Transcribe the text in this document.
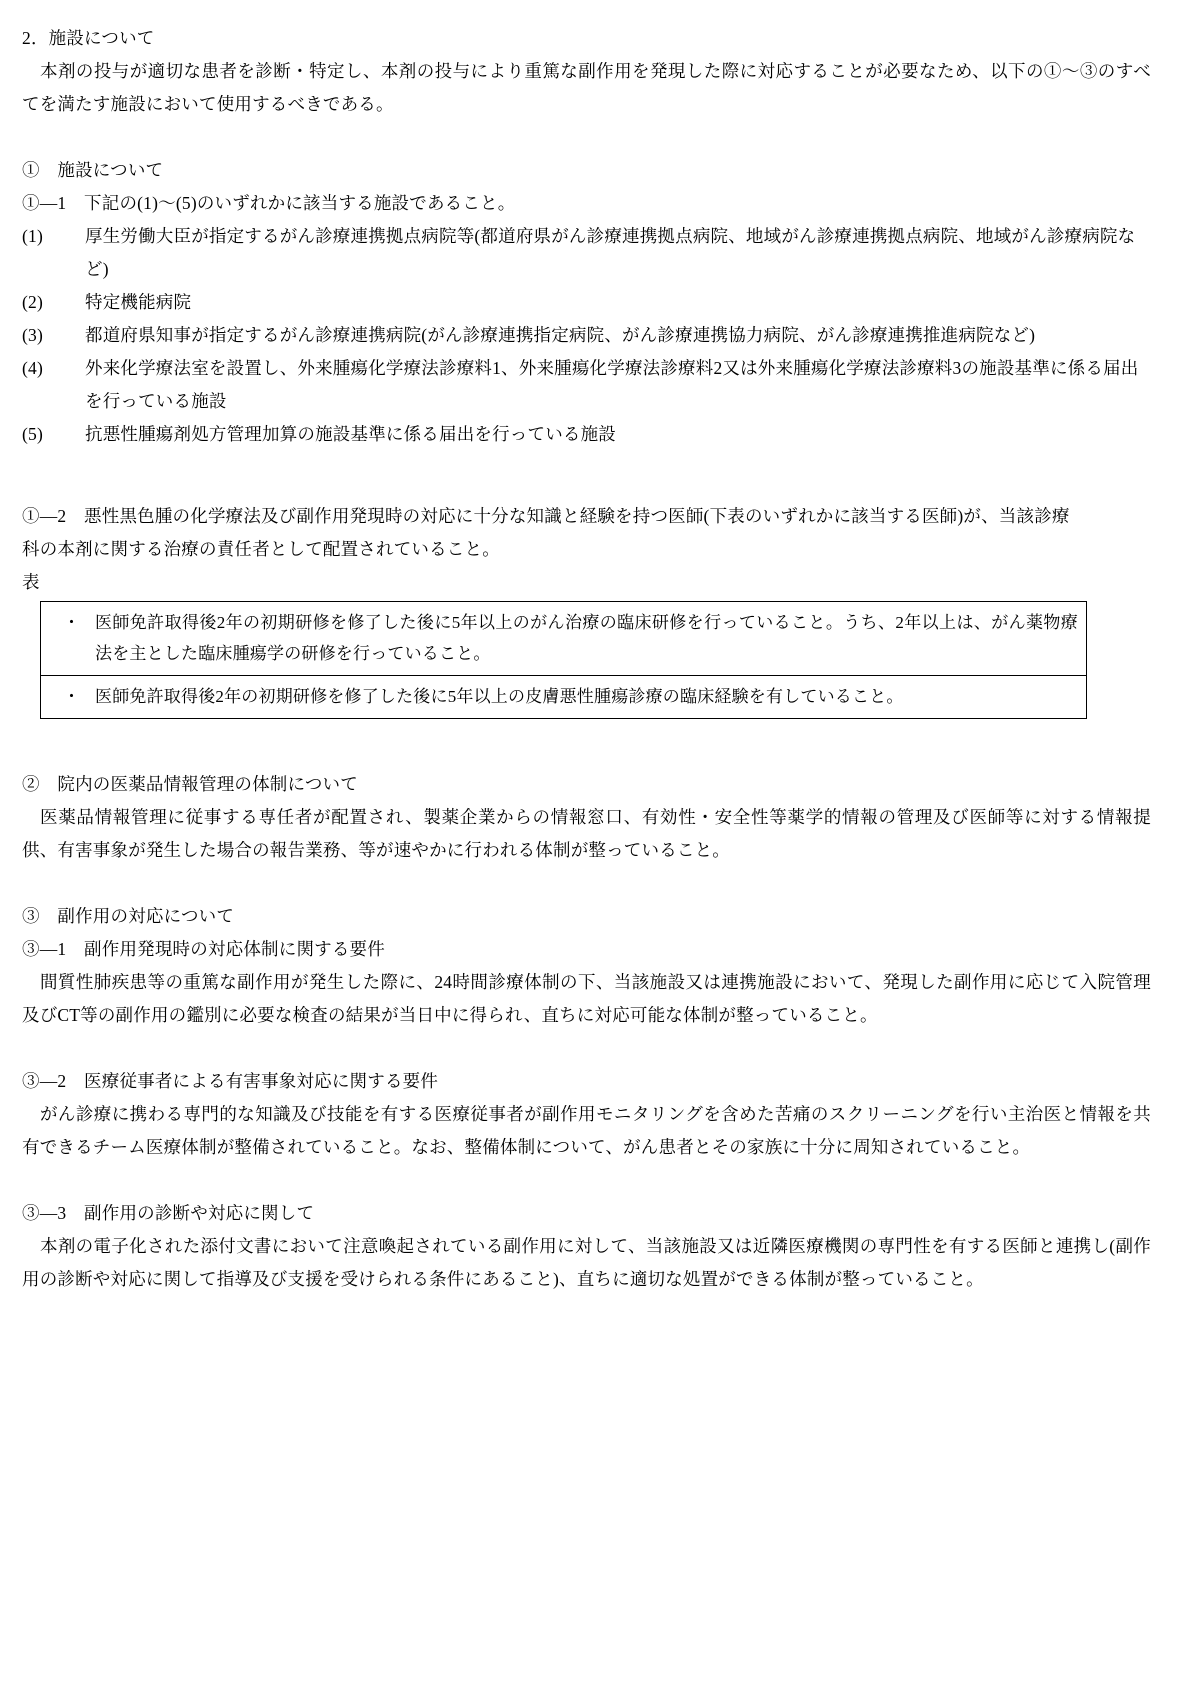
2．施設について

本剤の投与が適切な患者を診断・特定し、本剤の投与により重篤な副作用を発現した際に対応することが必要なため、以下の①～③のすべてを満たす施設において使用するべきである。

①　施設について

①―1　下記の(1)～(5)のいずれかに該当する施設であること。

(1) 厚生労働大臣が指定するがん診療連携拠点病院等(都道府県がん診療連携拠点病院、地域がん診療連携拠点病院、地域がん診療病院など)

(2) 特定機能病院

(3) 都道府県知事が指定するがん診療連携病院(がん診療連携指定病院、がん診療連携協力病院、がん診療連携推進病院など)

(4) 外来化学療法室を設置し、外来腫瘍化学療法診療料1、外来腫瘍化学療法診療料2又は外来腫瘍化学療法診療料3の施設基準に係る届出を行っている施設

(5) 抗悪性腫瘍剤処方管理加算の施設基準に係る届出を行っている施設

①―2　悪性黒色腫の化学療法及び副作用発現時の対応に十分な知識と経験を持つ医師(下表のいずれかに該当する医師)が、当該診療

科の本剤に関する治療の責任者として配置されていること。

表

・ 医師免許取得後2年の初期研修を修了した後に5年以上のがん治療の臨床研修を行っていること。うち、2年以上は、がん薬物療法を主とした臨床腫瘍学の研修を行っていること。

・ 医師免許取得後2年の初期研修を修了した後に5年以上の皮膚悪性腫瘍診療の臨床経験を有していること。

②　院内の医薬品情報管理の体制について

医薬品情報管理に従事する専任者が配置され、製薬企業からの情報窓口、有効性・安全性等薬学的情報の管理及び医師等に対する情報提供、有害事象が発生した場合の報告業務、等が速やかに行われる体制が整っていること。

③　副作用の対応について

③―1　副作用発現時の対応体制に関する要件

間質性肺疾患等の重篤な副作用が発生した際に、24時間診療体制の下、当該施設又は連携施設において、発現した副作用に応じて入院管理及びCT等の副作用の鑑別に必要な検査の結果が当日中に得られ、直ちに対応可能な体制が整っていること。

③―2　医療従事者による有害事象対応に関する要件

がん診療に携わる専門的な知識及び技能を有する医療従事者が副作用モニタリングを含めた苦痛のスクリーニングを行い主治医と情報を共有できるチーム医療体制が整備されていること。なお、整備体制について、がん患者とその家族に十分に周知されていること。

③―3　副作用の診断や対応に関して

本剤の電子化された添付文書において注意喚起されている副作用に対して、当該施設又は近隣医療機関の専門性を有する医師と連携し(副作用の診断や対応に関して指導及び支援を受けられる条件にあること)、直ちに適切な処置ができる体制が整っていること。
